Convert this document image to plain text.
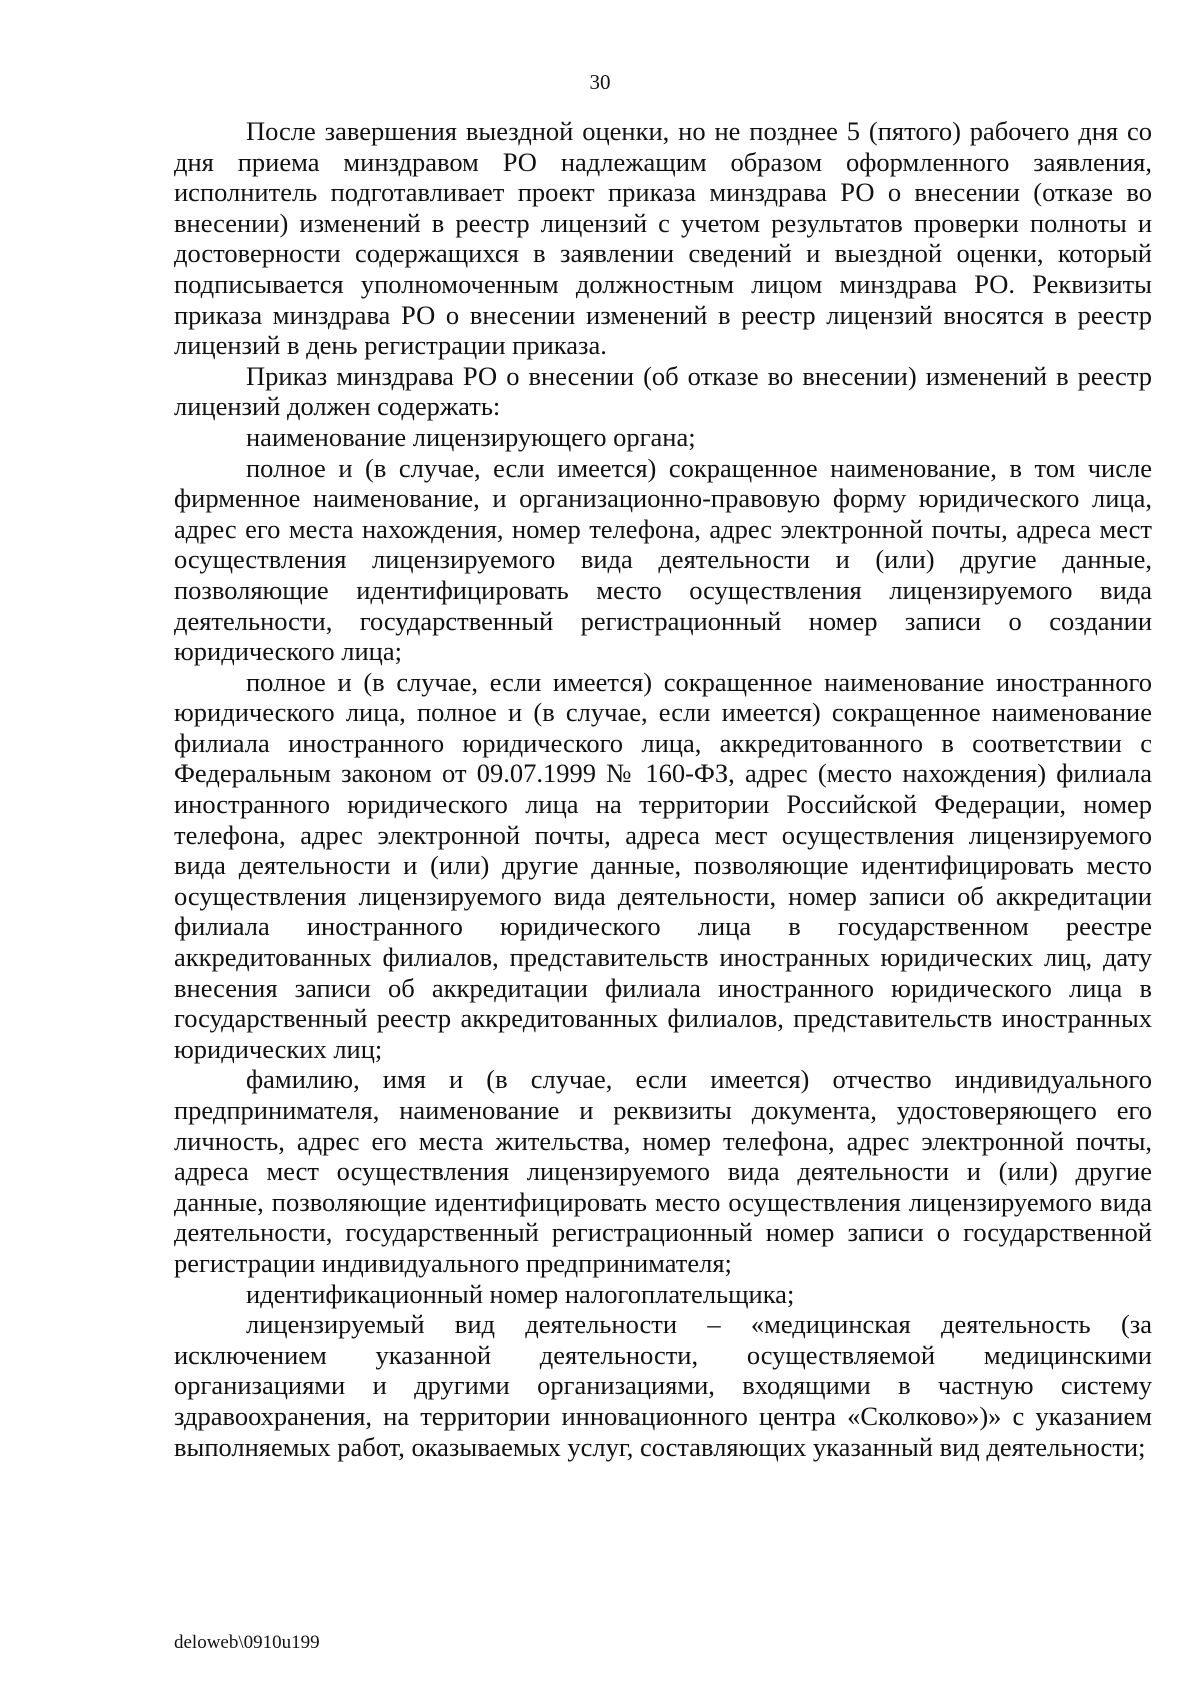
30

После завершения выездной оценки, но не позднее 5 (пятого) рабочего дня со дня приема минздравом РО надлежащим образом оформленного заявления, исполнитель подготавливает проект приказа минздрава РО о внесении (отказе во внесении) изменений в реестр лицензий с учетом результатов проверки полноты и достоверности содержащихся в заявлении сведений и выездной оценки, который подписывается уполномоченным должностным лицом минздрава РО. Реквизиты приказа минздрава РО о внесении изменений в реестр лицензий вносятся в реестр лицензий в день регистрации приказа.

Приказ минздрава РО о внесении (об отказе во внесении) изменений в реестр лицензий должен содержать:

наименование лицензирующего органа;

полное и (в случае, если имеется) сокращенное наименование, в том числе фирменное наименование, и организационно-правовую форму юридического лица, адрес его места нахождения, номер телефона, адрес электронной почты, адреса мест осуществления лицензируемого вида деятельности и (или) другие данные, позволяющие идентифицировать место осуществления лицензируемого вида деятельности, государственный регистрационный номер записи о создании юридического лица;

полное и (в случае, если имеется) сокращенное наименование иностранного юридического лица, полное и (в случае, если имеется) сокращенное наименование филиала иностранного юридического лица, аккредитованного в соответствии с Федеральным законом от 09.07.1999 № 160-ФЗ, адрес (место нахождения) филиала иностранного юридического лица на территории Российской Федерации, номер телефона, адрес электронной почты, адреса мест осуществления лицензируемого вида деятельности и (или) другие данные, позволяющие идентифицировать место осуществления лицензируемого вида деятельности, номер записи об аккредитации филиала иностранного юридического лица в государственном реестре аккредитованных филиалов, представительств иностранных юридических лиц, дату внесения записи об аккредитации филиала иностранного юридического лица в государственный реестр аккредитованных филиалов, представительств иностранных юридических лиц;

фамилию, имя и (в случае, если имеется) отчество индивидуального предпринимателя, наименование и реквизиты документа, удостоверяющего его личность, адрес его места жительства, номер телефона, адрес электронной почты, адреса мест осуществления лицензируемого вида деятельности и (или) другие данные, позволяющие идентифицировать место осуществления лицензируемого вида деятельности, государственный регистрационный номер записи о государственной регистрации индивидуального предпринимателя;

идентификационный номер налогоплательщика;

лицензируемый вид деятельности – «медицинская деятельность (за исключением указанной деятельности, осуществляемой медицинскими организациями и другими организациями, входящими в частную систему здравоохранения, на территории инновационного центра «Сколково»)» с указанием выполняемых работ, оказываемых услуг, составляющих указанный вид деятельности;

deloweb\0910u199
